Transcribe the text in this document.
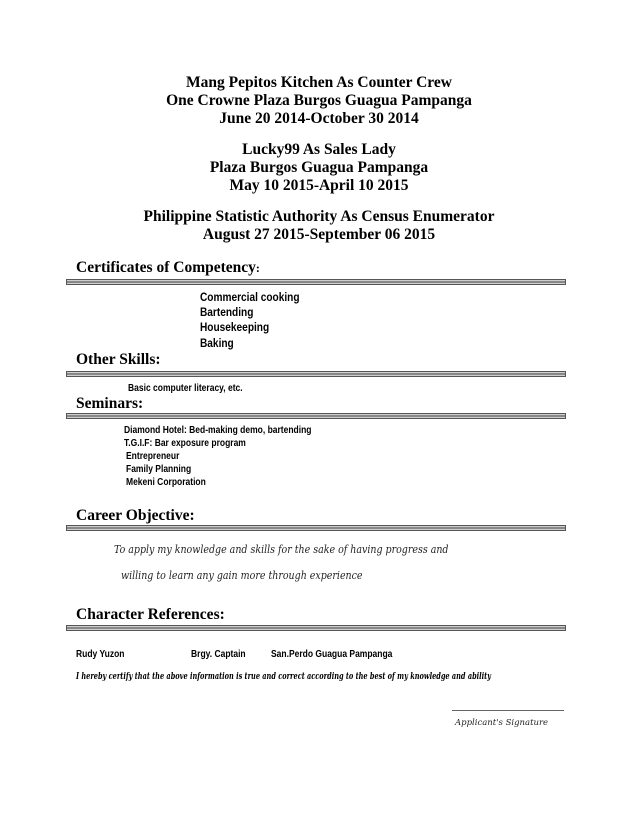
Mang Pepitos Kitchen As Counter Crew
One Crowne Plaza Burgos Guagua Pampanga
June 20 2014-October 30 2014
Lucky99 As Sales Lady
Plaza Burgos Guagua Pampanga
May 10 2015-April 10 2015
Philippine Statistic Authority As Census Enumerator
August 27 2015-September 06 2015
Certificates of Competency:
Commercial cooking
Bartending
Housekeeping
Baking
Other Skills:
Basic computer literacy, etc.
Seminars:
Diamond Hotel: Bed-making demo, bartending
T.G.I.F: Bar exposure program
Entrepreneur
Family Planning
Mekeni Corporation
Career Objective:
To apply my knowledge and skills for the sake of having progress and
willing to learn any gain more through experience
Character References:
Rudy Yuzon	Brgy. Captain	San.Perdo Guagua Pampanga
I hereby certify that the above information is true and correct according to the best of my knowledge and ability
Applicant's Signature
